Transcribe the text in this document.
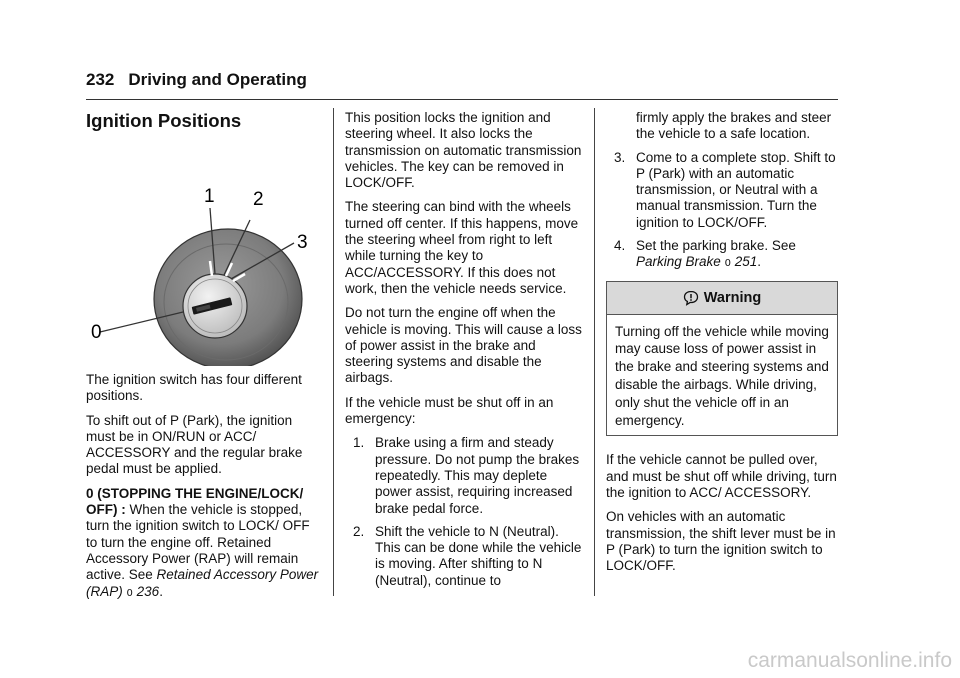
232 Driving and Operating
Ignition Positions
1 2
3
0

The ignition switch has four different positions.

To shift out of P (Park), the ignition must be in ON/RUN or ACC/ ACCESSORY and the regular brake pedal must be applied.

0 (STOPPING THE ENGINE/LOCK/ OFF) : When the vehicle is stopped, turn the ignition switch to LOCK/ OFF to turn the engine off. Retained Accessory Power (RAP) will remain active. See Retained Accessory Power (RAP) 0 236.

This position locks the ignition and steering wheel. It also locks the transmission on automatic transmission vehicles. The key can be removed in LOCK/OFF.

The steering can bind with the wheels turned off center. If this happens, move the steering wheel from right to left while turning the key to ACC/ACCESSORY. If this does not work, then the vehicle needs service.

Do not turn the engine off when the vehicle is moving. This will cause a loss of power assist in the brake and steering systems and disable the airbags.

If the vehicle must be shut off in an emergency:

1. Brake using a firm and steady pressure. Do not pump the brakes repeatedly. This may deplete power assist, requiring increased brake pedal force.
2. Shift the vehicle to N (Neutral). This can be done while the vehicle is moving. After shifting to N (Neutral), continue to
firmly apply the brakes and steer the vehicle to a safe location.
3. Come to a complete stop. Shift to P (Park) with an automatic transmission, or Neutral with a manual transmission. Turn the ignition to LOCK/OFF.
4. Set the parking brake. See Parking Brake 0 251.
Warning
Turning off the vehicle while moving may cause loss of power assist in the brake and steering systems and disable the airbags. While driving, only shut the vehicle off in an emergency.

If the vehicle cannot be pulled over, and must be shut off while driving, turn the ignition to ACC/ ACCESSORY.

On vehicles with an automatic transmission, the shift lever must be in P (Park) to turn the ignition switch to LOCK/OFF.

carmanualsonline.info
